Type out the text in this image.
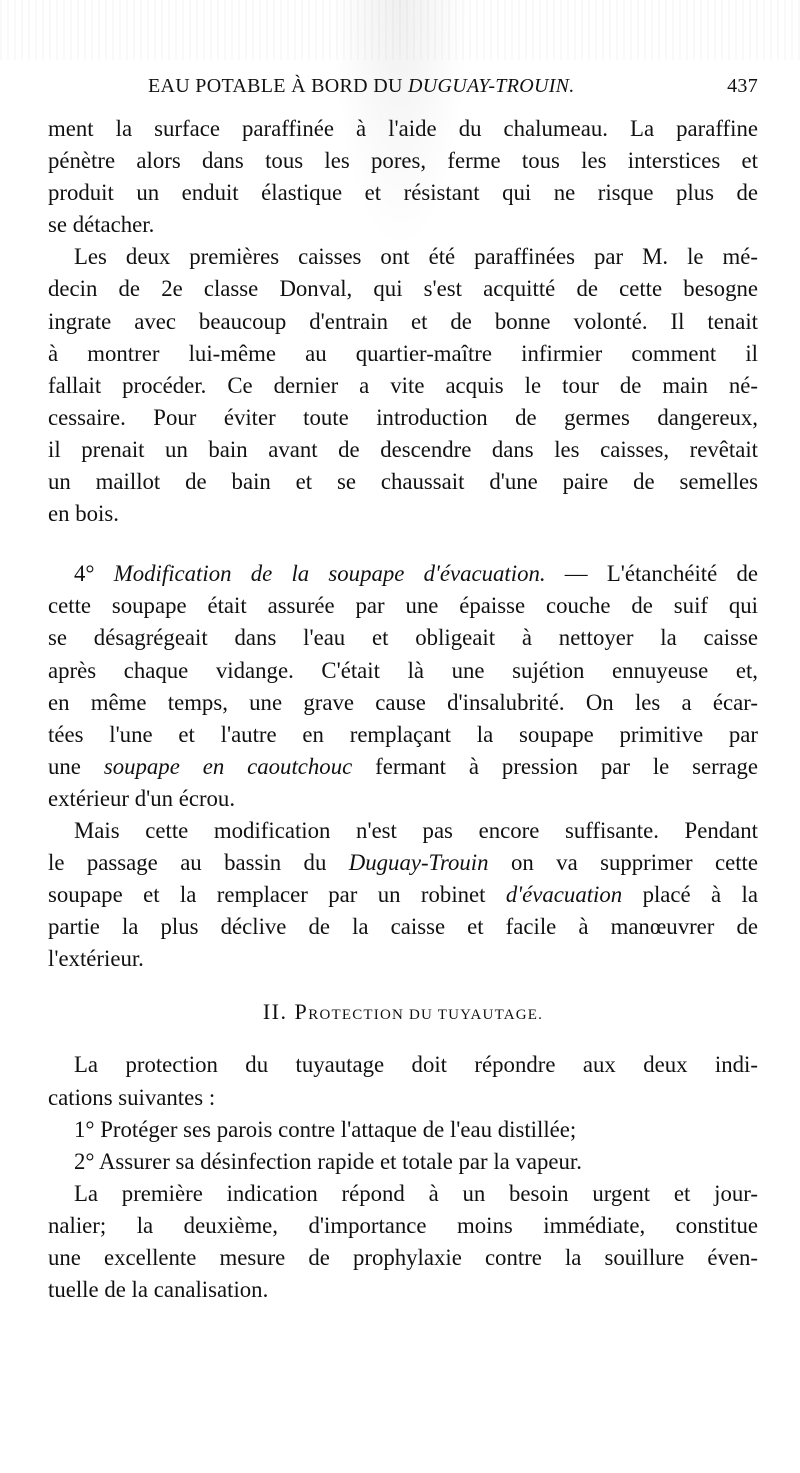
EAU POTABLE À BORD DU DUGUAY-TROUIN.	437
ment la surface paraffinée à l'aide du chalumeau. La paraffine
pénètre alors dans tous les pores, ferme tous les interstices et
produit un enduit élastique et résistant qui ne risque plus de
se détacher.
Les deux premières caisses ont été paraffinées par M. le mé-
decin de 2e classe Donval, qui s'est acquitté de cette besogne
ingrate avec beaucoup d'entrain et de bonne volonté. Il tenait
à montrer lui-même au quartier-maître infirmier comment il
fallait procéder. Ce dernier a vite acquis le tour de main né-
cessaire. Pour éviter toute introduction de germes dangereux,
il prenait un bain avant de descendre dans les caisses, revêtait
un maillot de bain et se chaussait d'une paire de semelles
en bois.
4° Modification de la soupape d'évacuation. — L'étanchéité de
cette soupape était assurée par une épaisse couche de suif qui
se désagrégeait dans l'eau et obligeait à nettoyer la caisse
après chaque vidange. C'était là une sujétion ennuyeuse et,
en même temps, une grave cause d'insalubrité. On les a écar-
tées l'une et l'autre en remplaçant la soupape primitive par
une soupape en caoutchouc fermant à pression par le serrage
extérieur d'un écrou.
Mais cette modification n'est pas encore suffisante. Pendant
le passage au bassin du Duguay-Trouin on va supprimer cette
soupape et la remplacer par un robinet d'évacuation placé à la
partie la plus déclive de la caisse et facile à manœuvrer de
l'extérieur.
II. PROTECTION DU TUYAUTAGE.
La protection du tuyautage doit répondre aux deux indi-
cations suivantes :
1° Protéger ses parois contre l'attaque de l'eau distillée;
2° Assurer sa désinfection rapide et totale par la vapeur.
La première indication répond à un besoin urgent et jour-
nalier; la deuxième, d'importance moins immédiate, constitue
une excellente mesure de prophylaxie contre la souillure éven-
tuelle de la canalisation.
